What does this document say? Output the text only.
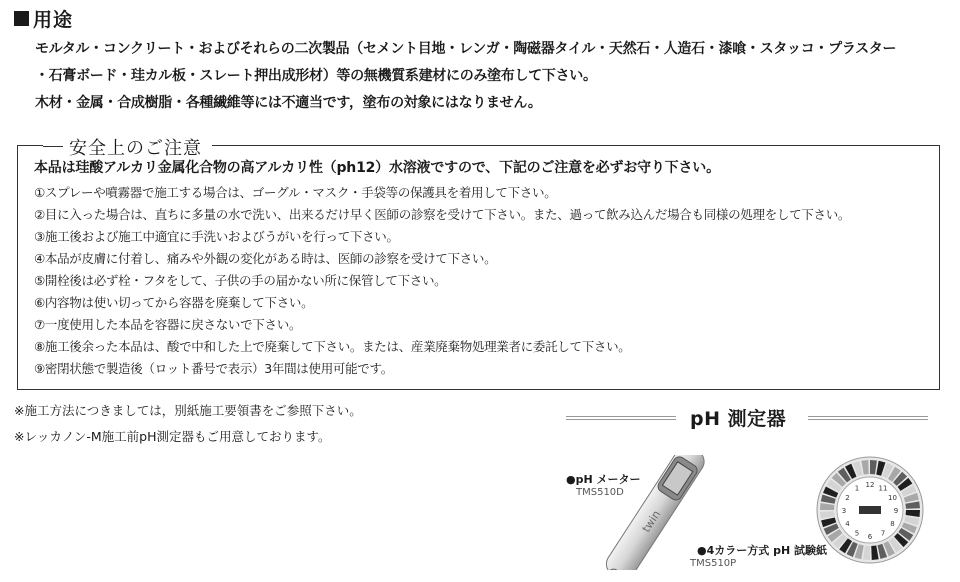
用途
モルタル・コンクリート・およびそれらの二次製品（セメント目地・レンガ・陶磁器タイル・天然石・人造石・漆喰・スタッコ・プラスター
・石膏ボード・珪カル板・スレート押出成形材）等の無機質系建材にのみ塗布して下さい。
木材・金属・合成樹脂・各種繊維等には不適当です，塗布の対象にはなりません。
安全上のご注意
本品は珪酸アルカリ金属化合物の高アルカリ性（ph12）水溶液ですので、下記のご注意を必ずお守り下さい。
①スプレーや噴霧器で施工する場合は、ゴーグル・マスク・手袋等の保護具を着用して下さい。
②目に入った場合は、直ちに多量の水で洗い、出来るだけ早く医師の診察を受けて下さい。また、過って飲み込んだ場合も同様の処理をして下さい。
③施工後および施工中適宜に手洗いおよびうがいを行って下さい。
④本品が皮膚に付着し、痛みや外観の変化がある時は、医師の診察を受けて下さい。
⑤開栓後は必ず栓・フタをして、子供の手の届かない所に保管して下さい。
⑥内容物は使い切ってから容器を廃棄して下さい。
⑦一度使用した本品を容器に戻さないで下さい。
⑧施工後余った本品は、酸で中和した上で廃棄して下さい。または、産業廃棄物処理業者に委託して下さい。
⑨密閉状態で製造後（ロット番号で表示）3年間は使用可能です。
※施工方法につきましては，別紙施工要領書をご参照下さい。
※レッカノン-M施工前pH測定器もご用意しております。
pH 測定器
●pH メーター
TMS510D
twin
●4カラー方式 pH 試験紙
TMS510P
12 11
10
9
8
7
6
5
4
3
2
1
